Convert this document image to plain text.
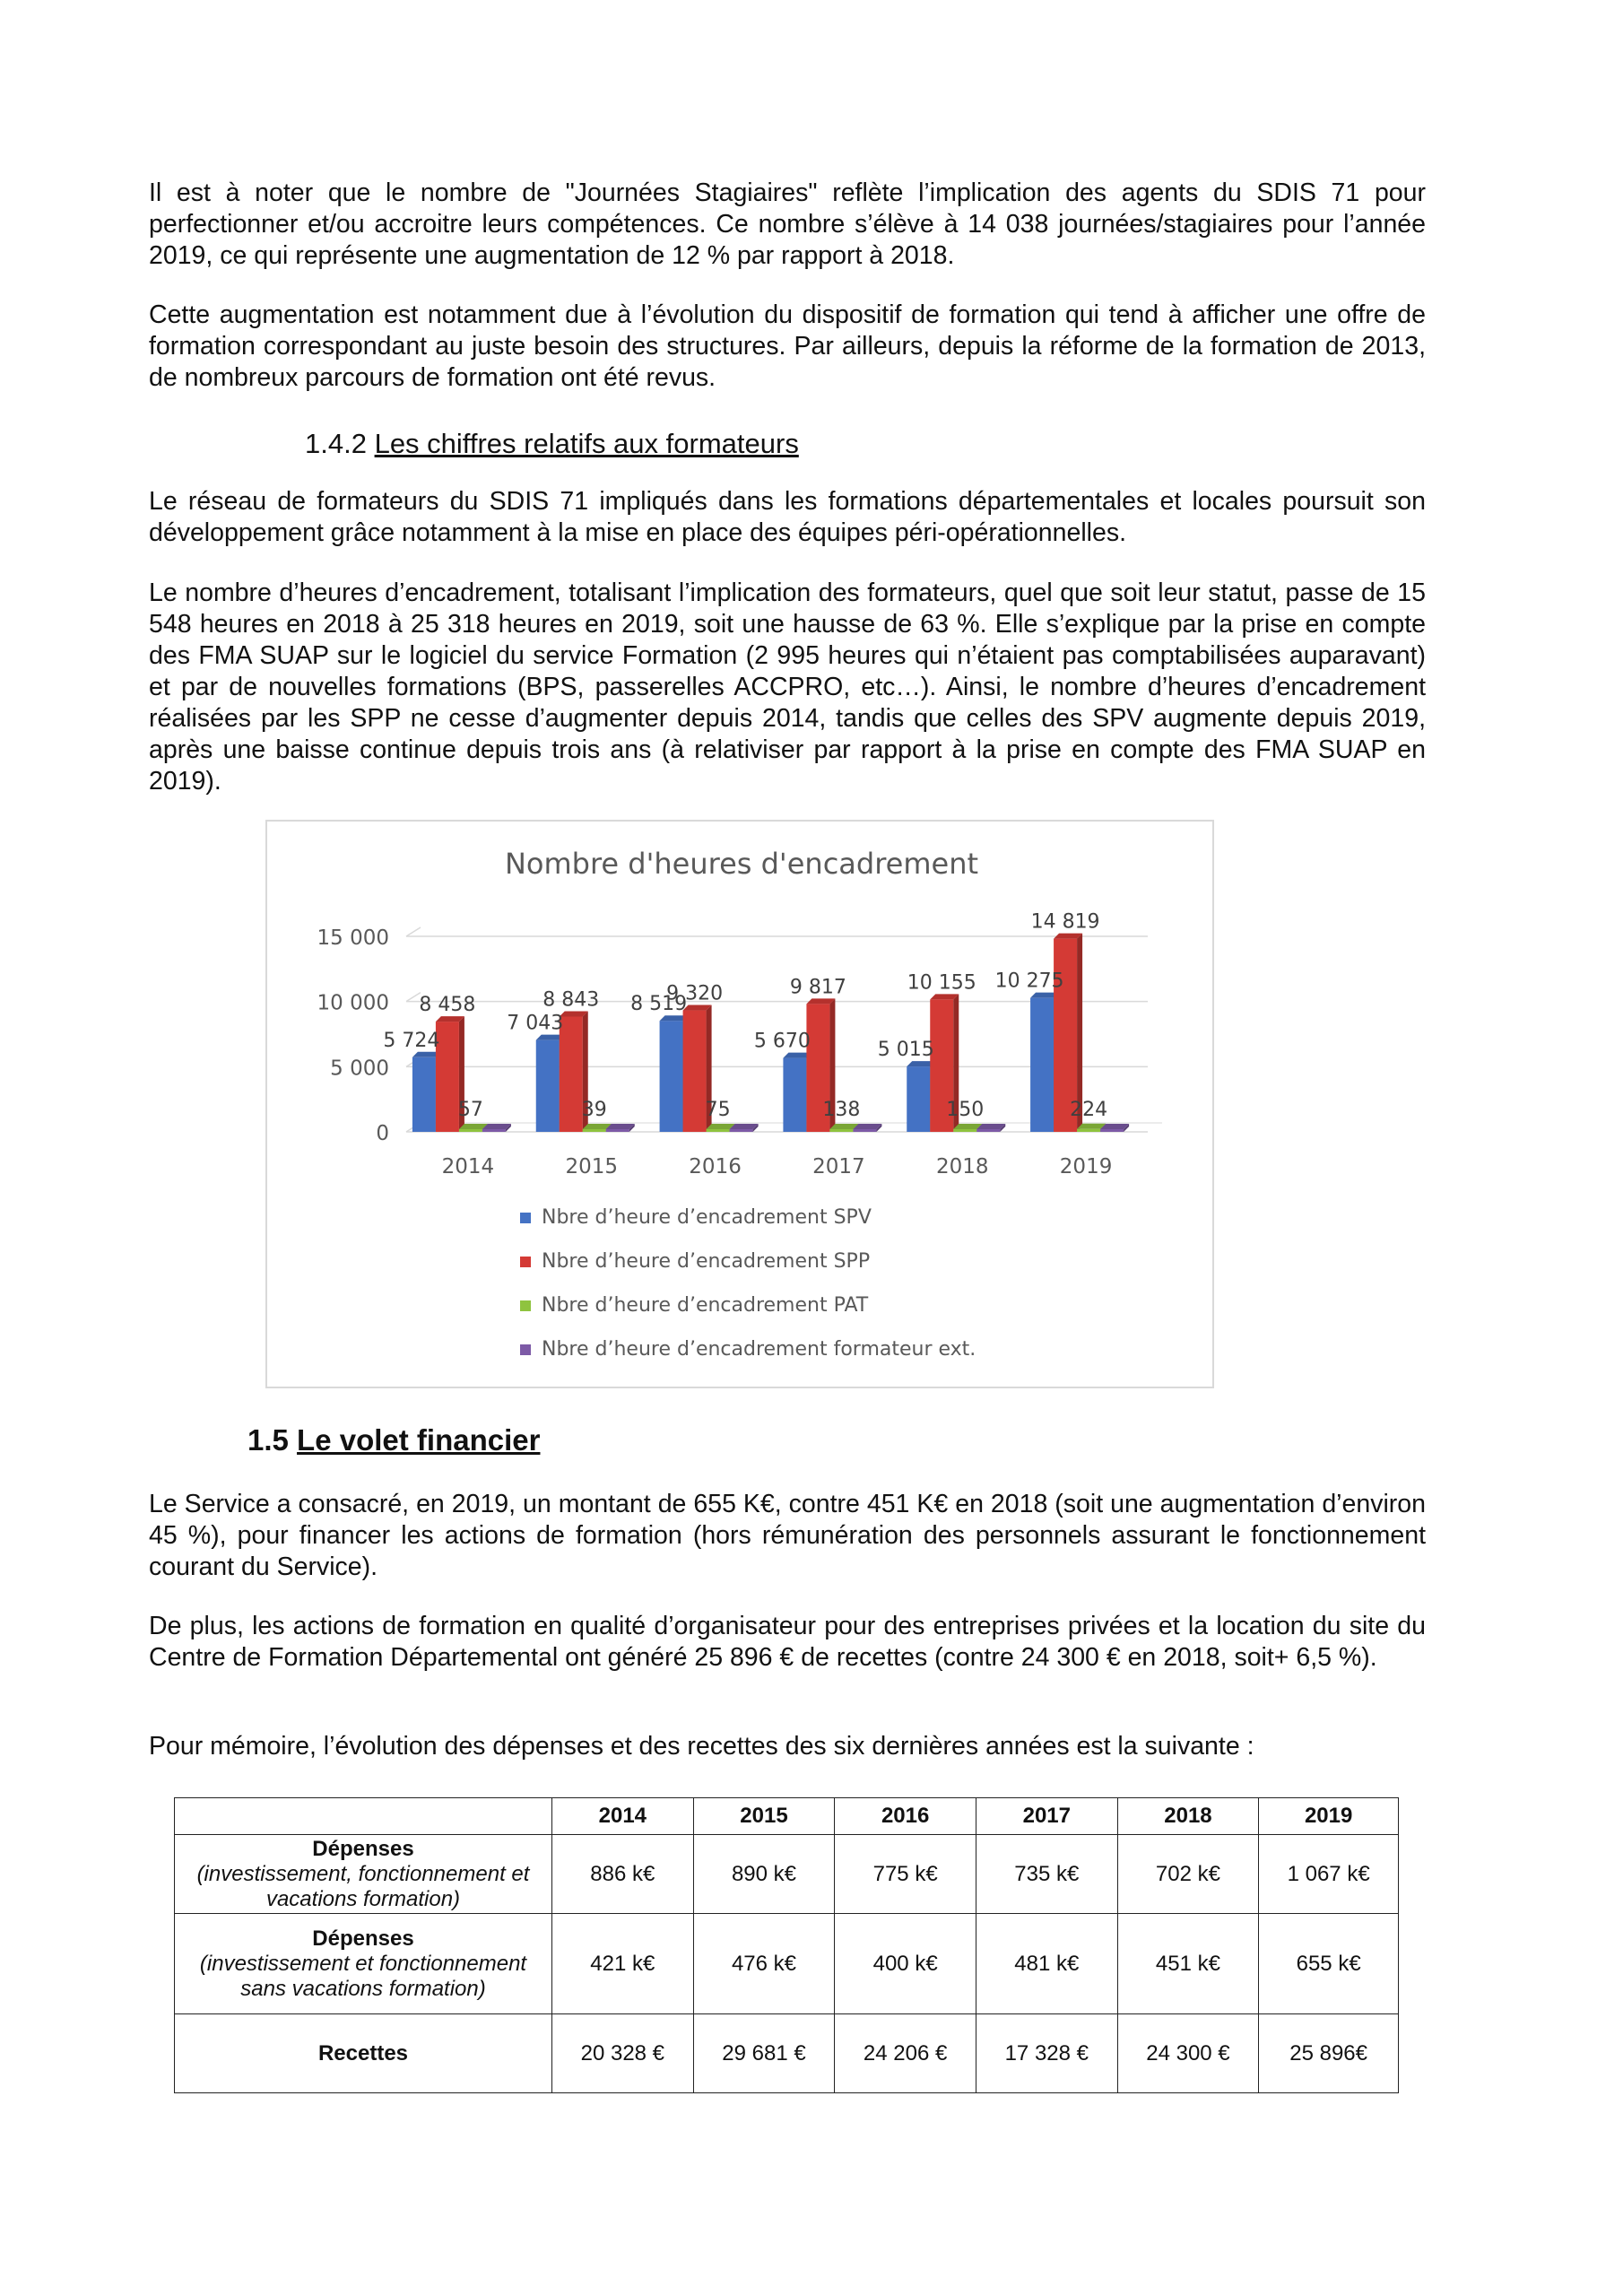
Il est à noter que le nombre de "Journées Stagiaires" reflète l’implication des agents du SDIS 71 pour perfectionner et/ou accroitre leurs compétences. Ce nombre s’élève à 14 038 journées/stagiaires pour l’année 2019, ce qui représente une augmentation de 12 % par rapport à 2018.

Cette augmentation est notamment due à l’évolution du dispositif de formation qui tend à afficher une offre de formation correspondant au juste besoin des structures. Par ailleurs, depuis la réforme de la formation de 2013, de nombreux parcours de formation ont été revus.

1.4.2 Les chiffres relatifs aux formateurs

Le réseau de formateurs du SDIS 71 impliqués dans les formations départementales et locales poursuit son développement grâce notamment à la mise en place des équipes péri-opérationnelles.

Le nombre d’heures d’encadrement, totalisant l’implication des formateurs, quel que soit leur statut, passe de 15 548 heures en 2018 à 25 318 heures en 2019, soit une hausse de 63 %. Elle s’explique par la prise en compte des FMA SUAP sur le logiciel du service Formation (2 995 heures qui n’étaient pas comptabilisées auparavant) et par de nouvelles formations (BPS, passerelles ACCPRO, etc…). Ainsi, le nombre d’heures d’encadrement réalisées par les SPP ne cesse d’augmenter depuis 2014, tandis que celles des SPV augmente depuis 2019, après une baisse continue depuis trois ans (à relativiser par rapport à la prise en compte des FMA SUAP en 2019).

Nombre d'heures d'encadrement
0
5 000
10 000
15 000
5 724
8 458
57
7 043
8 843
39
8 519
9 320
75
5 670
9 817
138
5 015
10 155
150
10 275
14 819
224
2014	2015	2016	2017	2018	2019
Nbre d’heure d’encadrement SPV
Nbre d’heure d’encadrement SPP
Nbre d’heure d’encadrement PAT
Nbre d’heure d’encadrement formateur ext.
1.5 Le volet financier

Le Service a consacré, en 2019, un montant de 655 K€, contre 451 K€ en 2018 (soit une augmentation d’environ 45 %), pour financer les actions de formation (hors rémunération des personnels assurant le fonctionnement courant du Service).

De plus, les actions de formation en qualité d’organisateur pour des entreprises privées et la location du site du Centre de Formation Départemental ont généré 25 896 € de recettes (contre 24 300 € en 2018, soit+ 6,5 %).

Pour mémoire, l’évolution des dépenses et des recettes des six dernières années est la suivante :

	2014	2015	2016	2017	2018	2019

Dépenses
(investissement, fonctionnement et vacations formation)	886 k€	890 k€	775 k€	735 k€	702 k€	1 067 k€

Dépenses
(investissement et fonctionnement sans vacations formation)	421 k€	476 k€	400 k€	481 k€	451 k€	655 k€

Recettes	20 328 €	29 681 €	24 206 €	17 328 €	24 300 €	25 896€
